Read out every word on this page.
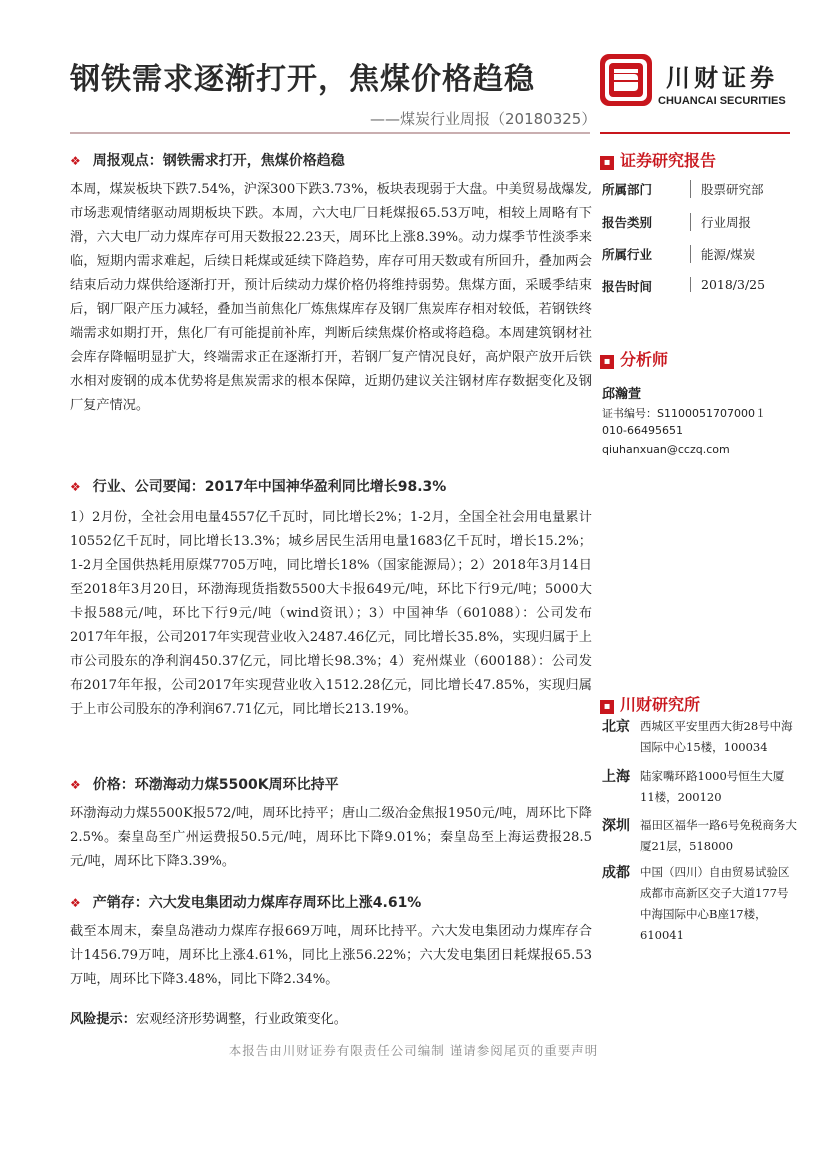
钢铁需求逐渐打开，焦煤价格趋稳
——煤炭行业周报（20180325）
川财证券
CHUANCAI SECURITIES
❖ 周报观点：钢铁需求打开，焦煤价格趋稳
本周，煤炭板块下跌7.54%，沪深300下跌3.73%，板块表现弱于大盘。中美贸易战爆发,市场悲观情绪驱动周期板块下跌。本周，六大电厂日耗煤报65.53万吨，相较上周略有下滑，六大电厂动力煤库存可用天数报22.23天，周环比上涨8.39%。动力煤季节性淡季来临，短期内需求难起，后续日耗煤或延续下降趋势，库存可用天数或有所回升，叠加两会结束后动力煤供给逐渐打开，预计后续动力煤价格仍将维持弱势。焦煤方面，采暖季结束后，钢厂限产压力减轻，叠加当前焦化厂炼焦煤库存及钢厂焦炭库存相对较低，若钢铁终端需求如期打开，焦化厂有可能提前补库，判断后续焦煤价格或将趋稳。本周建筑钢材社会库存降幅明显扩大，终端需求正在逐渐打开，若钢厂复产情况良好，高炉限产放开后铁水相对废钢的成本优势将是焦炭需求的根本保障，近期仍建议关注钢材库存数据变化及钢厂复产情况。
❖ 行业、公司要闻：2017年中国神华盈利同比增长98.3%
1）2月份，全社会用电量4557亿千瓦时，同比增长2%；1-2月，全国全社会用电量累计10552亿千瓦时，同比增长13.3%；城乡居民生活用电量1683亿千瓦时，增长15.2%；1-2月全国供热耗用原煤7705万吨，同比增长18%（国家能源局）；2）2018年3月14日至2018年3月20日，环渤海现货指数5500大卡报649元/吨，环比下行9元/吨；5000大卡报588元/吨，环比下行9元/吨（wind资讯）；3）中国神华（601088）：公司发布2017年年报，公司2017年实现营业收入2487.46亿元，同比增长35.8%，实现归属于上市公司股东的净利润450.37亿元，同比增长98.3%；4）兖州煤业（600188）：公司发布2017年年报，公司2017年实现营业收入1512.28亿元，同比增长47.85%，实现归属于上市公司股东的净利润67.71亿元，同比增长213.19%。
❖ 价格：环渤海动力煤5500K周环比持平
环渤海动力煤5500K报572/吨，周环比持平；唐山二级冶金焦报1950元/吨，周环比下降2.5%。秦皇岛至广州运费报50.5元/吨，周环比下降9.01%；秦皇岛至上海运费报28.5元/吨，周环比下降3.39%。
❖ 产销存：六大发电集团动力煤库存周环比上涨4.61%
截至本周末，秦皇岛港动力煤库存报669万吨，周环比持平。六大发电集团动力煤库存合计1456.79万吨，周环比上涨4.61%，同比上涨56.22%；六大发电集团日耗煤报65.53万吨，周环比下降3.48%，同比下降2.34%。
风险提示：宏观经济形势调整，行业政策变化。
▪ 证券研究报告
所属部门	股票研究部
报告类别	行业周报
所属行业	能源/煤炭
报告时间	2018/3/25
▪ 分析师
邱瀚萱
证书编号：S1100051707000１
010-66495651
qiuhanxuan@cczq.com
▪ 川财研究所
北京 西城区平安里西大街28号中海国际中心15楼，100034
上海 陆家嘴环路1000号恒生大厦11楼，200120
深圳 福田区福华一路6号免税商务大厦21层，518000
成都 中国（四川）自由贸易试验区成都市高新区交子大道177号中海国际中心B座17楼，610041
本报告由川财证券有限责任公司编制 谨请参阅尾页的重要声明
